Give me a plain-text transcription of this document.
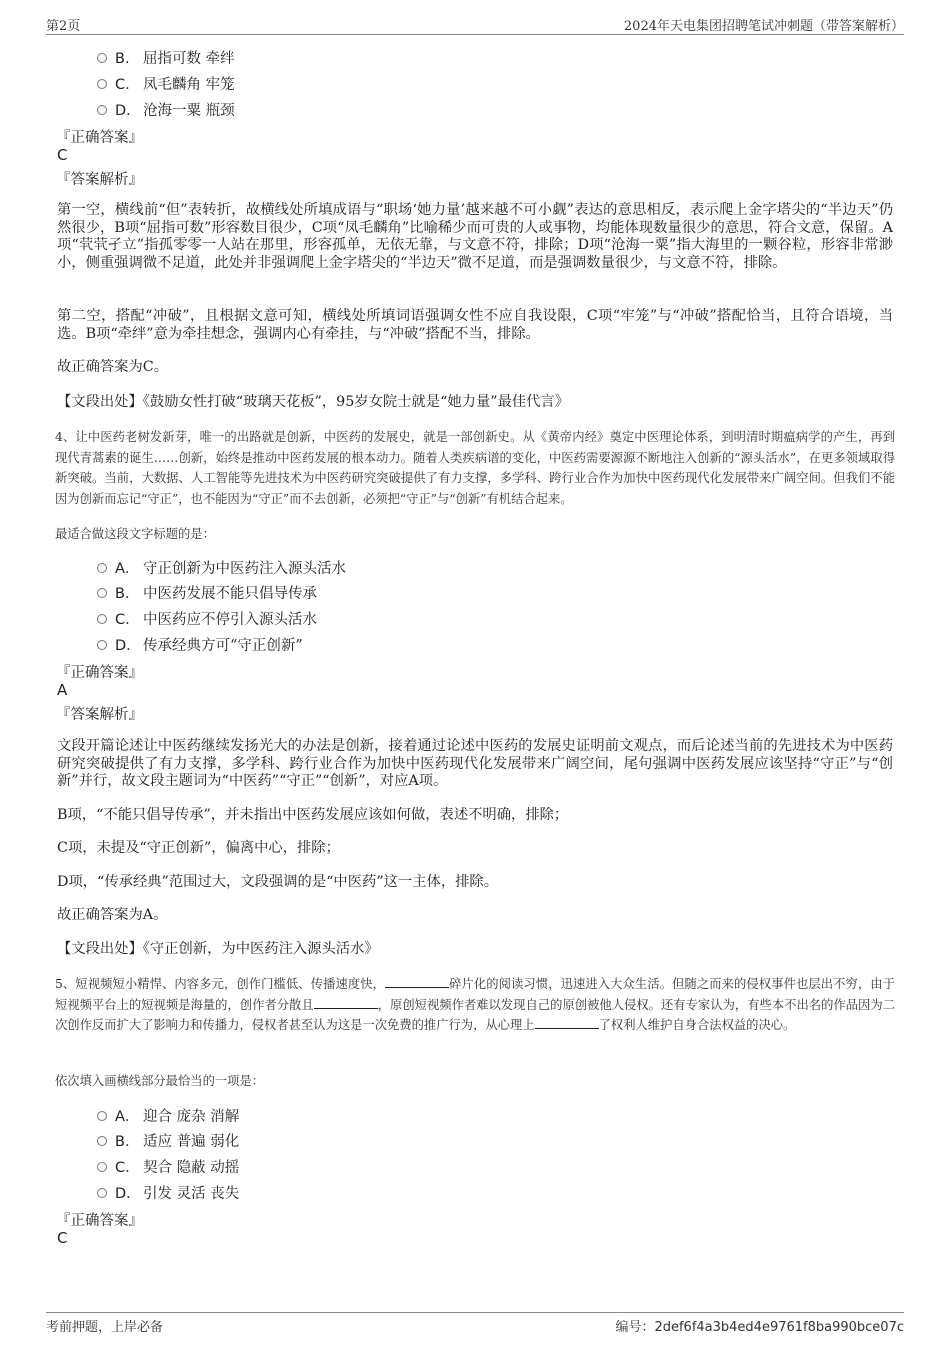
第2页	2024年天电集团招聘笔试冲刺题（带答案解析）
B． 屈指可数 牵绊
C． 凤毛麟角 牢笼
D． 沧海一粟 瓶颈
『正确答案』
C
『答案解析』
第一空，横线前“但”表转折，故横线处所填成语与“职场‘她力量’越来越不可小觑”表达的意思相反，表示爬上金字塔尖的“半边天”仍然很少，B项“屈指可数”形容数目很少，C项“凤毛麟角”比喻稀少而可贵的人或事物，均能体现数量很少的意思，符合文意，保留。A项“茕茕孑立”指孤零零一人站在那里，形容孤单，无依无靠，与文意不符，排除；D项“沧海一粟”指大海里的一颗谷粒，形容非常渺小，侧重强调微不足道，此处并非强调爬上金字塔尖的“半边天”微不足道，而是强调数量很少，与文意不符，排除。
第二空，搭配“冲破”，且根据文意可知，横线处所填词语强调女性不应自我设限，C项“牢笼”与“冲破”搭配恰当，且符合语境，当选。B项“牵绊”意为牵挂想念，强调内心有牵挂，与“冲破”搭配不当，排除。
故正确答案为C。
【文段出处】《鼓励女性打破“玻璃天花板”，95岁女院士就是“她力量”最佳代言》
4、让中医药老树发新芽，唯一的出路就是创新，中医药的发展史，就是一部创新史。从《黄帝内经》奠定中医理论体系，到明清时期瘟病学的产生，再到现代青蒿素的诞生……创新，始终是推动中医药发展的根本动力。随着人类疾病谱的变化，中医药需要源源不断地注入创新的“源头活水”，在更多领域取得新突破。当前，大数据、人工智能等先进技术为中医药研究突破提供了有力支撑，多学科、跨行业合作为加快中医药现代化发展带来广阔空间。但我们不能因为创新而忘记“守正”，也不能因为“守正”而不去创新，必须把“守正”与“创新”有机结合起来。
最适合做这段文字标题的是：
A． 守正创新为中医药注入源头活水
B． 中医药发展不能只倡导传承
C． 中医药应不停引入源头活水
D． 传承经典方可“守正创新”
『正确答案』
A
『答案解析』
文段开篇论述让中医药继续发扬光大的办法是创新，接着通过论述中医药的发展史证明前文观点，而后论述当前的先进技术为中医药研究突破提供了有力支撑，多学科、跨行业合作为加快中医药现代化发展带来广阔空间，尾句强调中医药发展应该坚持“守正”与“创新”并行，故文段主题词为“中医药”“守正”“创新”，对应A项。
B项，“不能只倡导传承”，并未指出中医药发展应该如何做，表述不明确，排除；
C项，未提及“守正创新”，偏离中心，排除；
D项，“传承经典”范围过大，文段强调的是“中医药”这一主体，排除。
故正确答案为A。
【文段出处】《守正创新，为中医药注入源头活水》
5、短视频短小精悍、内容多元，创作门槛低、传播速度快，	碎片化的阅读习惯，迅速进入大众生活。但随之而来的侵权事件也层出不穷，由于短视频平台上的短视频是海量的，创作者分散且	，原创短视频作者难以发现自己的原创被他人侵权。还有专家认为，有些本不出名的作品因为二次创作反而扩大了影响力和传播力，侵权者甚至认为这是一次免费的推广行为，从心理上	了权利人维护自身合法权益的决心。
依次填入画横线部分最恰当的一项是：
A． 迎合 庞杂 消解
B． 适应 普遍 弱化
C． 契合 隐蔽 动摇
D． 引发 灵活 丧失
『正确答案』
C
考前押题，上岸必备	编号：2def6f4a3b4ed4e9761f8ba990bce07c
